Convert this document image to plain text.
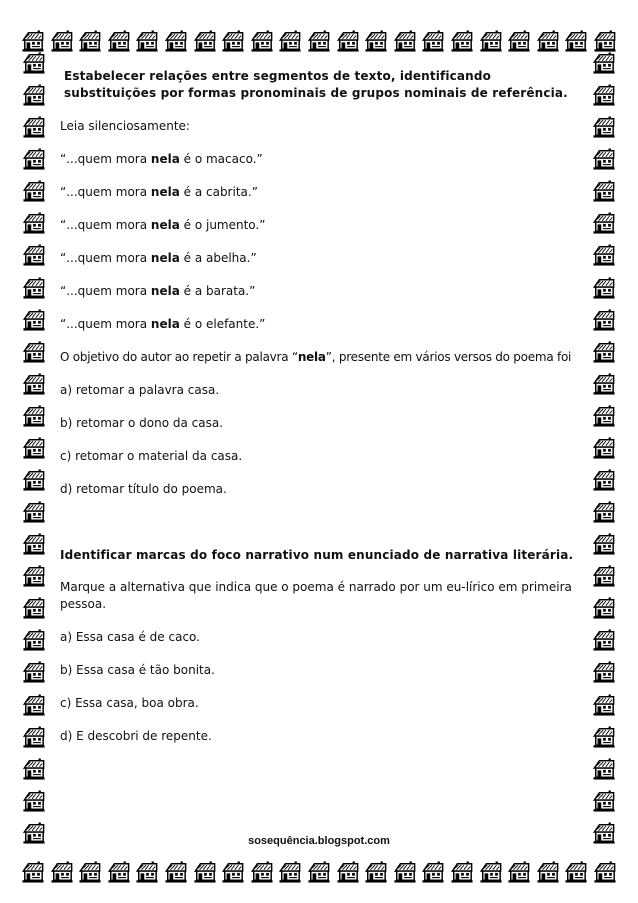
Estabelecer relações entre segmentos de texto, identificando substituições por formas pronominais de grupos nominais de referência.

Leia silenciosamente:

“...quem mora nela é o macaco.”

“...quem mora nela é a cabrita.”

“...quem mora nela é o jumento.”

“...quem mora nela é a abelha.”

“...quem mora nela é a barata.”

“...quem mora nela é o elefante.”

O objetivo do autor ao repetir a palavra “nela”, presente em vários versos do poema foi

a) retomar a palavra casa.

b) retomar o dono da casa.

c) retomar o material da casa.

d) retomar título do poema.

Identificar marcas do foco narrativo num enunciado de narrativa literária.

Marque a alternativa que indica que o poema é narrado por um eu-lírico em primeira pessoa.

a) Essa casa é de caco.

b) Essa casa é tão bonita.

c) Essa casa, boa obra.

d) E descobri de repente.

sosequência.blogspot.com
